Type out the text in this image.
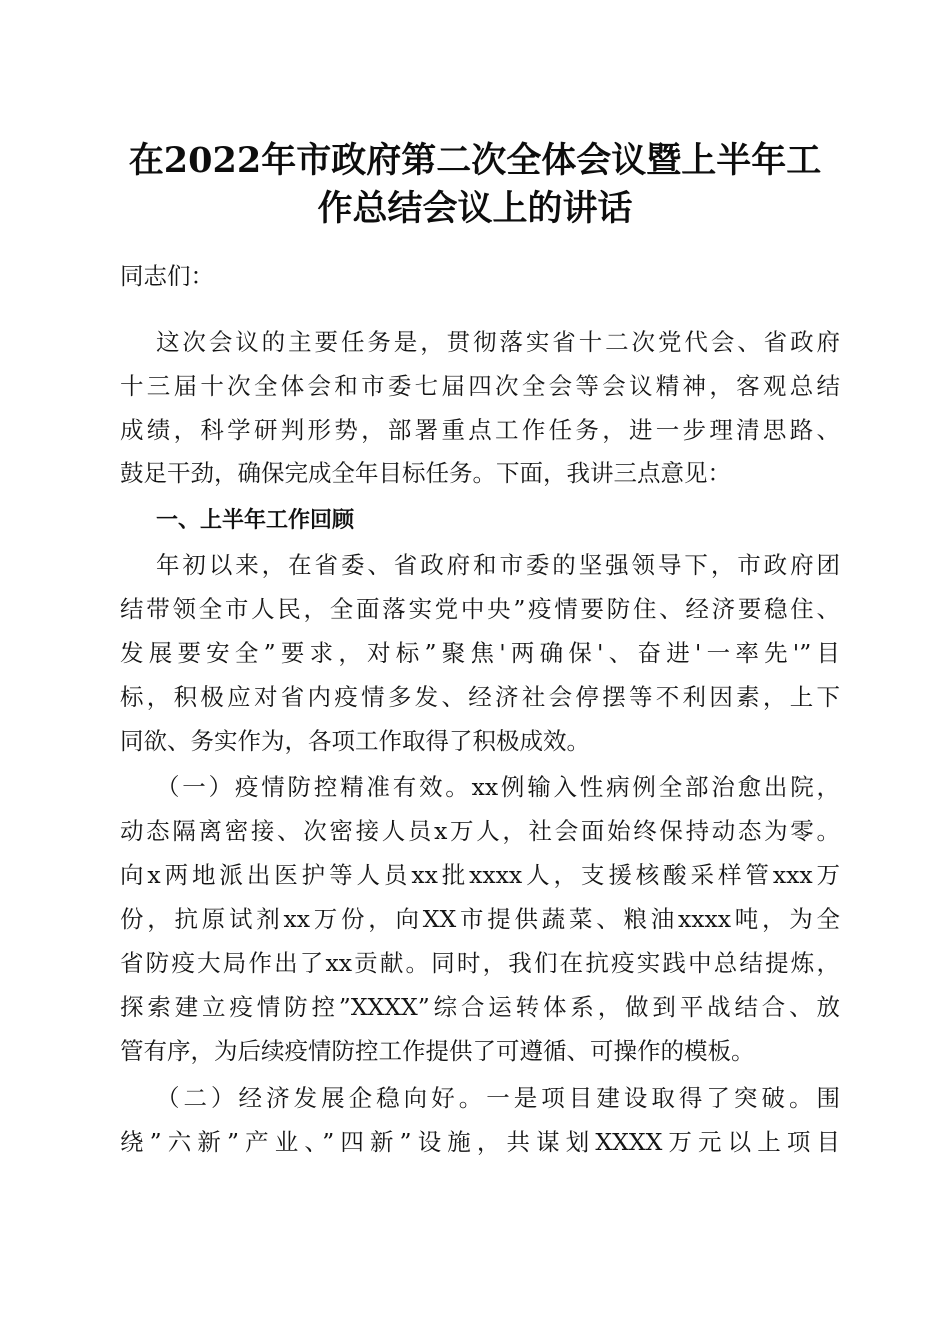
在2022年市政府第二次全体会议暨上半年工
作总结会议上的讲话
同志们：
这次会议的主要任务是，贯彻落实省十二次党代会、省政府
十三届十次全体会和市委七届四次全会等会议精神，客观总结
成绩，科学研判形势，部署重点工作任务，进一步理清思路、
鼓足干劲，确保完成全年目标任务。下面，我讲三点意见：
一、上半年工作回顾
年初以来，在省委、省政府和市委的坚强领导下，市政府团
结带领全市人民，全面落实党中央”疫情要防住、经济要稳住、
发展要安全”要求，对标”聚焦'两确保'、奋进'一率先'”目
标，积极应对省内疫情多发、经济社会停摆等不利因素，上下
同欲、务实作为，各项工作取得了积极成效。
（一）疫情防控精准有效。xx例输入性病例全部治愈出院，
动态隔离密接、次密接人员x万人，社会面始终保持动态为零。
向x两地派出医护等人员xx批xxxx人，支援核酸采样管xxx万
份，抗原试剂xx万份，向XX市提供蔬菜、粮油xxxx吨，为全
省防疫大局作出了xx贡献。同时，我们在抗疫实践中总结提炼，
探索建立疫情防控”XXXX”综合运转体系，做到平战结合、放
管有序，为后续疫情防控工作提供了可遵循、可操作的模板。
（二）经济发展企稳向好。一是项目建设取得了突破。围
绕”六新”产业、”四新”设施，共谋划XXXX万元以上项目
